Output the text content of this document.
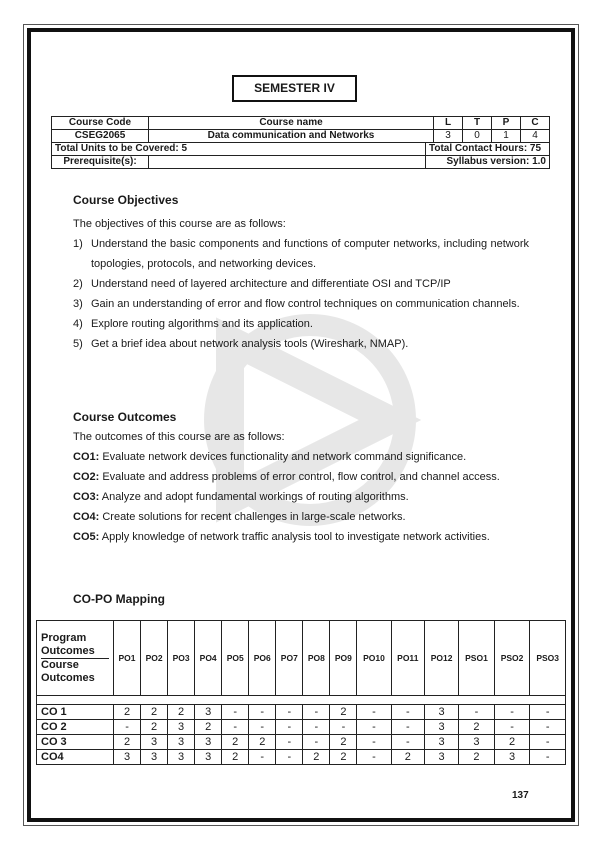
SEMESTER IV
Course Code	Course name		L	T	P	C
CSEG2065	Data communication and Networks		3	0	1	4
Total Units to be Covered: 5		Total Contact Hours: 75				
Prerequisite(s):		Syllabus version: 1.0				
Course Objectives
The objectives of this course are as follows:
1) Understand the basic components and functions of computer networks, including network topologies, protocols, and networking devices.
2) Understand need of layered architecture and differentiate OSI and TCP/IP
3) Gain an understanding of error and flow control techniques on communication channels.
4) Explore routing algorithms and its application.
5) Get a brief idea about network analysis tools (Wireshark, NMAP).
Course Outcomes
The outcomes of this course are as follows:

CO1: Evaluate network devices functionality and network command significance.

CO2: Evaluate and address problems of error control, flow control, and channel access.

CO3: Analyze and adopt fundamental workings of routing algorithms.

CO4: Create solutions for recent challenges in large-scale networks.

CO5: Apply knowledge of network traffic analysis tool to investigate network activities.

CO-PO Mapping
Program Outcomes
Course Outcomes	PO1	PO2	PO3	PO4	PO5	PO6	PO7	PO8	PO9	PO10	PO11	PO12	PSO1	PSO2	PSO3

CO 1	2	2	2	3	-	-	-	-	2	-	-	3	-	-	-
CO 2	-	2	3	2	-	-	-	-	-	-	-	3	2	-	-
CO 3	2	3	3	3	2	2	-	-	2	-	-	3	3	2	-
CO4	3	3	3	3	2	-	-	2	2	-	2	3	2	3	-
137
